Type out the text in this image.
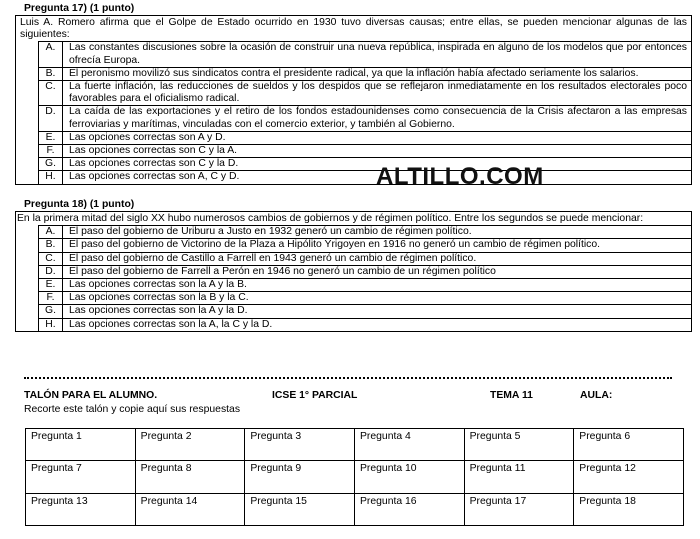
Pregunta 17) (1 punto)
Luis A. Romero afirma que el Golpe de Estado ocurrido en 1930 tuvo diversas causas; entre ellas, se pueden mencionar algunas de las siguientes:
A.	Las constantes discusiones sobre la ocasión de construir una nueva república, inspirada en alguno de los modelos que por entonces ofrecía Europa.
B.	El peronismo movilizó sus sindicatos contra el presidente radical, ya que la inflación había afectado seriamente los salarios.
C.	La fuerte inflación, las reducciones de sueldos y los despidos que se reflejaron inmediatamente en los resultados electorales poco favorables para el oficialismo radical.
D.	La caída de las exportaciones y el retiro de los fondos estadounidenses como consecuencia de la Crisis afectaron a las empresas ferroviarias y marítimas, vinculadas con el comercio exterior, y también al Gobierno.
E.	Las opciones correctas son A y D.
F.	Las opciones correctas son C y la A.
G.	Las opciones correctas son C y la D.
H.	Las opciones correctas son A, C y D.	ALTILLO.COM
Pregunta 18) (1 punto)
En la primera mitad del siglo XX hubo numerosos cambios de gobiernos y de régimen político. Entre los segundos se puede mencionar:
A.	El paso del gobierno de Uriburu a Justo en 1932 generó un cambio de régimen político.
B.	El paso del gobierno de Victorino de la Plaza a Hipólito Yrigoyen en 1916 no generó un cambio de régimen político.
C.	El paso del gobierno de Castillo a Farrell en 1943 generó un cambio de régimen político.
D.	El paso del gobierno de Farrell a Perón en 1946 no generó un cambio de un régimen político
E.	Las opciones correctas son la A y la B.
F.	Las opciones correctas son la B y la C.
G.	Las opciones correctas son la A y la D.
H.	Las opciones correctas son la A, la C y la D.
TALÓN PARA EL ALUMNO.	ICSE 1° PARCIAL	TEMA 11	AULA:
Recorte este talón y copie aquí sus respuestas
Pregunta 1	Pregunta 2	Pregunta 3	Pregunta 4	Pregunta 5	Pregunta 6
Pregunta 7	Pregunta 8	Pregunta 9	Pregunta 10	Pregunta 11	Pregunta 12
Pregunta 13	Pregunta 14	Pregunta 15	Pregunta 16	Pregunta 17	Pregunta 18
